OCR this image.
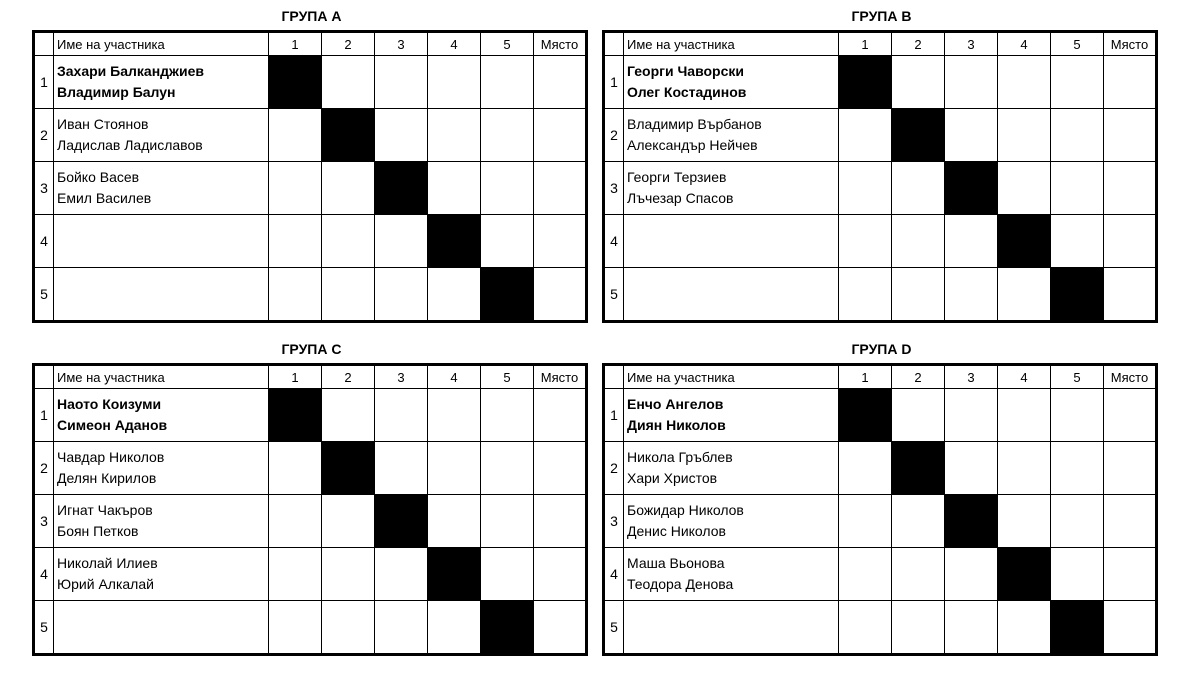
ГРУПА А
	Име на участника	1	2	3	4	5	Място
1	Захари Балканджиев
Владимир Балун						

2	Иван Стоянов
Ладислав Ладиславов						

3	Бойко Васев
Емил Василев						

4	

5	

ГРУПА В
	Име на участника	1	2	3	4	5	Място
1	Георги Чаворски
Олег Костадинов						

2	Владимир Върбанов
Александър Нейчев						

3	Георги Терзиев
Лъчезар Спасов						

4	

5	

ГРУПА С
	Име на участника	1	2	3	4	5	Място
1	Наото Коизуми
Симеон Аданов						

2	Чавдар Николов
Делян Кирилов						

3	Игнат Чакъров
Боян Петков						

4	Николай Илиев
Юрий Алкалай						

5	

ГРУПА D
	Име на участника	1	2	3	4	5	Място
1	Енчо Ангелов
Диян Николов						

2	Никола Гръблев
Хари Христов						

3	Божидар Николов
Денис Николов						

4	Маша Вьонова
Теодора Денова						

5	
